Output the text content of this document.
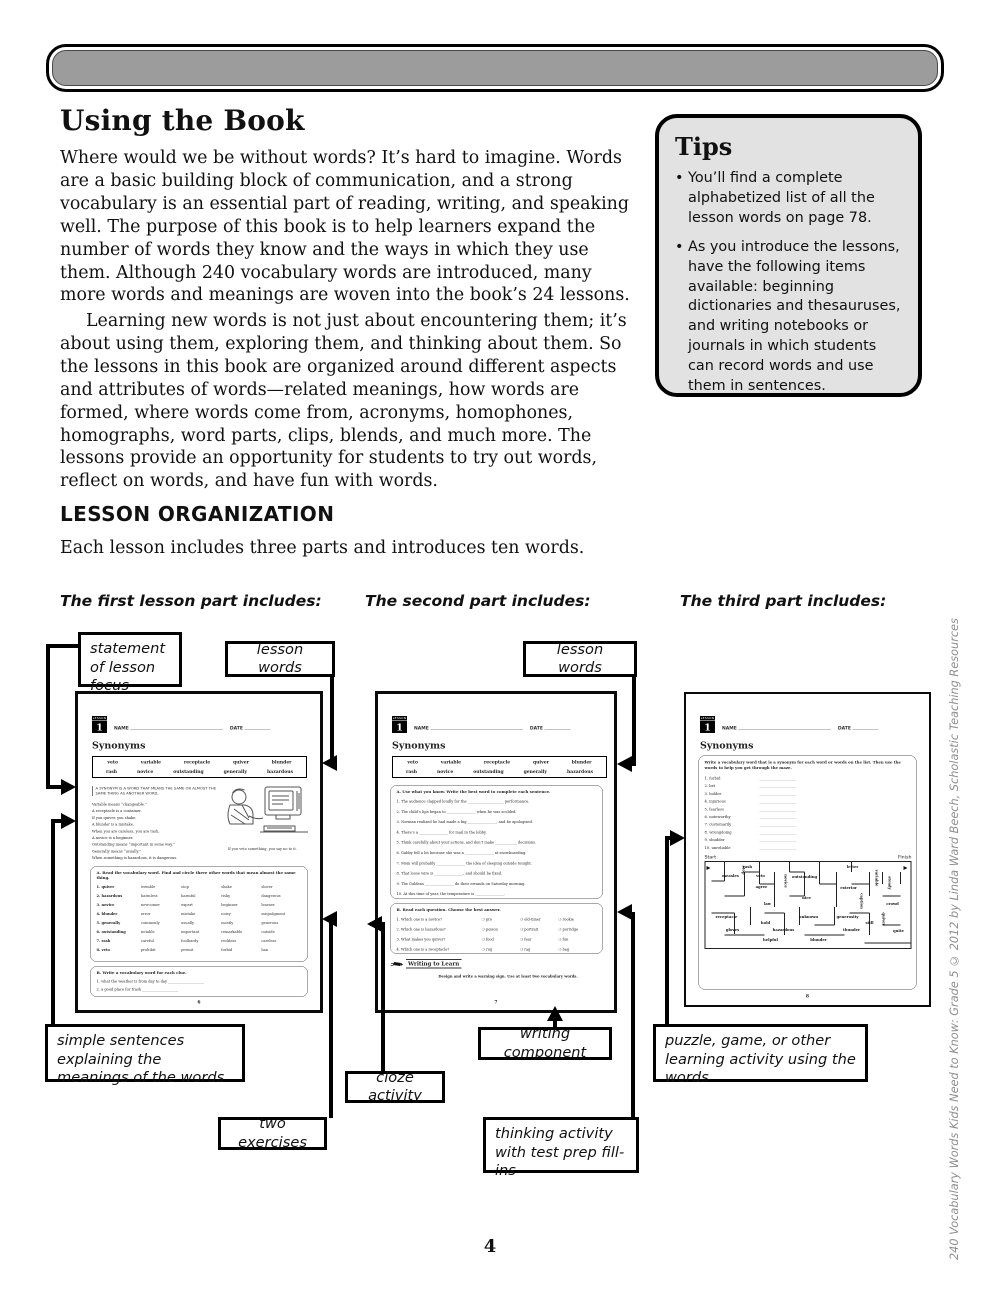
Using the Book
Where would we be without words? It’s hard to imagine. Words are a basic building block of communication, and a strong vocabulary is an essential part of reading, writing, and speaking well. The purpose of this book is to help learners expand the number of words they know and the ways in which they use them. Although 240 vocabulary words are introduced, many more words and meanings are woven into the book’s 24 lessons.
Learning new words is not just about encountering them; it’s about using them, exploring them, and thinking about them. So the lessons in this book are organized around different aspects and attributes of words—related meanings, how words are formed, where words come from, acronyms, homophones, homographs, word parts, clips, blends, and much more. The lessons provide an opportunity for students to try out words, reflect on words, and have fun with words.
Tips
• You’ll find a complete alphabetized list of all the lesson words on page 78.
• As you introduce the lessons, have the following items available: beginning dictionaries and thesauruses, and writing notebooks or journals in which students can record words and use them in sentences.
LESSON ORGANIZATION
Each lesson includes three parts and introduces ten words.
The first lesson part includes:	The second part includes:	The third part includes:
statement of lesson focus
lesson words
lesson words
simple sentences explaining the meanings of the words	cloze activity
two exercises
writing component
thinking activity with test prep fill-ins
puzzle, game, or other learning activity using the words
LESSON
1	NAME	DATE
Synonyms
veto	variable	receptacle	quiver	blunder
rash novice outstanding generally hazardous
A SYNONYM IS A WORD THAT MEANS THE SAME OR ALMOST THE SAME THING AS ANOTHER WORD.
Variable means “changeable.”
A receptacle is a container.
If you quiver, you shake.
A blunder is a mistake.
When you are careless, you are rash.
A novice is a beginner.
Outstanding means “important in some way.”
Generally means “usually.”
When something is hazardous, it is dangerous.
If you veto something, you say no to it.
A. Read the vocabulary word. Find and circle three other words that mean almost the same thing.
1. quiver	tremble	stop	shake	shiver
2. hazardous	harmless	harmful	risky	dangerous
3. novice	newcomer	expert	beginner	learner
4. blunder	error	mistake	noisy	misjudgment
5. generally	commonly	usually	mostly	generous
6. outstanding	notable	important	remarkable	outside
7. rash	careful	foolhardy	reckless	careless
8. veto	prohibit	permit	forbid	ban
B. Write a vocabulary word for each clue.
1. what the weather is from day to day ____________________
2. a good place for trash ____________________
6
LESSON
1	NAME	DATE
Synonyms
veto	variable	receptacle	quiver	blunder
rash novice outstanding generally hazardous
A. Use what you know. Write the best word to complete each sentence.
1. The audience clapped loudly for the ____________________ performance.
2. The child’s lips began to ________________ when he was scolded.
3. Norman realized he had made a big ________________, and he apologized.
4. There’s a ________________ for mail in the lobby.
5. Think carefully about your actions, and don’t make ____________ decisions.
6. Gabby fell a lot because she was a ________________ at snowboarding.
7. Mom will probably ________________ the idea of sleeping outside tonight.
8. That loose wire is ________________, and should be fixed.
9. The Goldens ________________ do their errands on Saturday morning.
10. At this time of year, the temperature is ________________.
B. Read each question. Choose the best answer.
1. Which one is a novice?	❍ pro	❍ old-timer	❍ rookie
2. Which one is hazardous?	❍ poison	❍ portrait	❍ porridge
3. What makes you quiver?	❍ food	❍ fear	❍ fun
4. Which one is a receptacle?	❍ rug	❍ rag	❍ bag
Writing to Learn
Design and write a warning sign. Use at least two vocabulary words.
7
LESSON
1	NAME	DATE
Synonyms
Write a vocabulary word that is a synonym for each word or words on the list. Then use the words to help you get through the maze.
1. forbid	____________________
2. bet	____________________
3. holder	____________________
4. injurious	____________________
5. fearless	____________________
6. noteworthy	____________________
7. customarily	____________________
8. wrongdoing	____________________
9. shudder	____________________
10. unreliable	____________________
Start	Finish
rash	letter
measles veto	outstanding	variable
agree	exterior	steady
novice
stop
nice	caption
law	crowd
receptacle	unknown generosity
hold	still quiver
gloves	hazardous	thunder	quite
helpful	blunder
8	240 Vocabulary Words Kids Need to Know: Grade 5 © 2012 by Linda Ward Beech, Scholastic Teaching Resources
4
